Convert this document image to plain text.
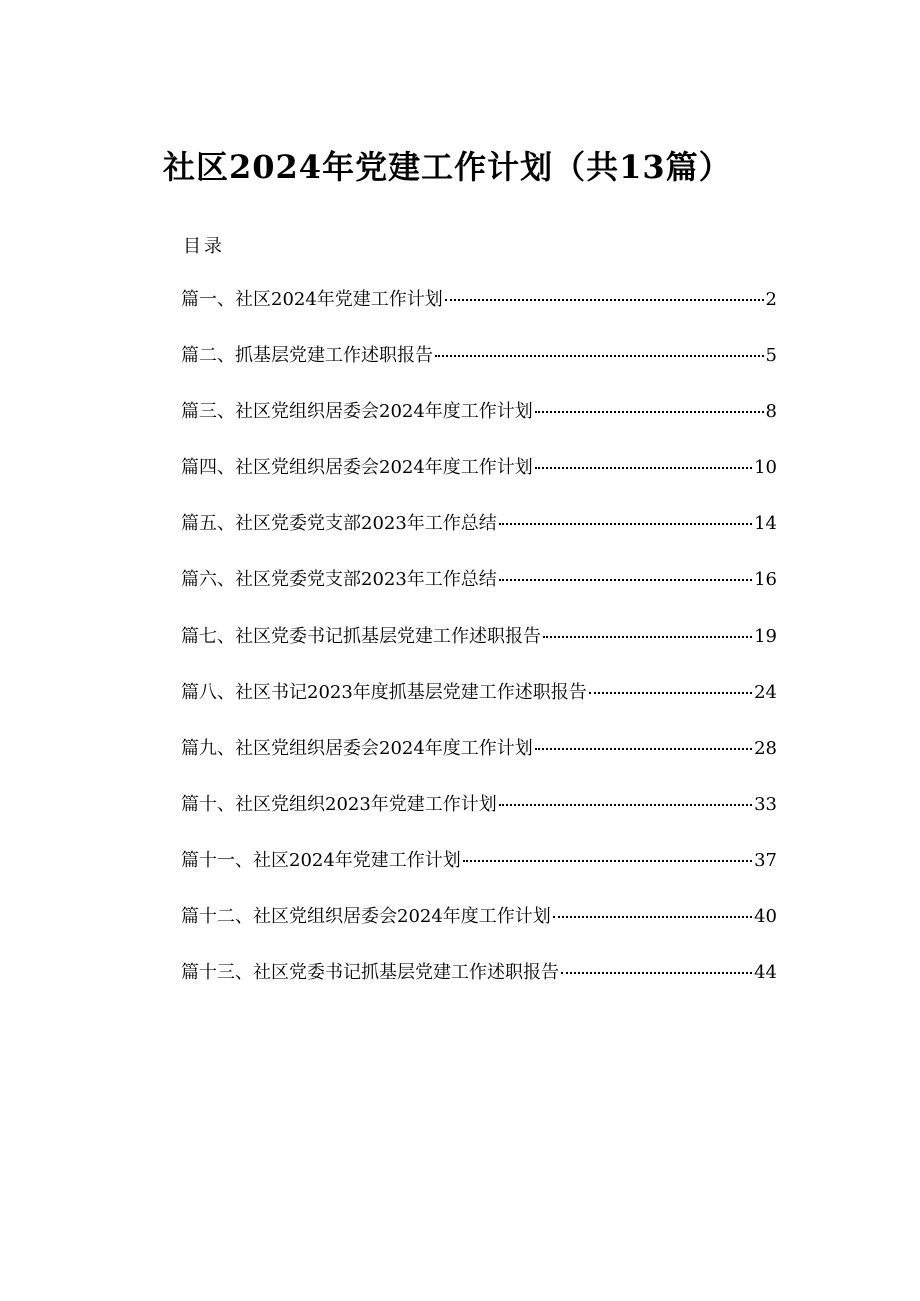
社区2024年党建工作计划（共13篇）
目录
篇一、社区2024年党建工作计划	2
篇二、抓基层党建工作述职报告	5
篇三、社区党组织居委会2024年度工作计划	8
篇四、社区党组织居委会2024年度工作计划	10
篇五、社区党委党支部2023年工作总结	14
篇六、社区党委党支部2023年工作总结	16
篇七、社区党委书记抓基层党建工作述职报告	19
篇八、社区书记2023年度抓基层党建工作述职报告	24
篇九、社区党组织居委会2024年度工作计划	28
篇十、社区党组织2023年党建工作计划	33
篇十一、社区2024年党建工作计划	37
篇十二、社区党组织居委会2024年度工作计划	40
篇十三、社区党委书记抓基层党建工作述职报告	44
